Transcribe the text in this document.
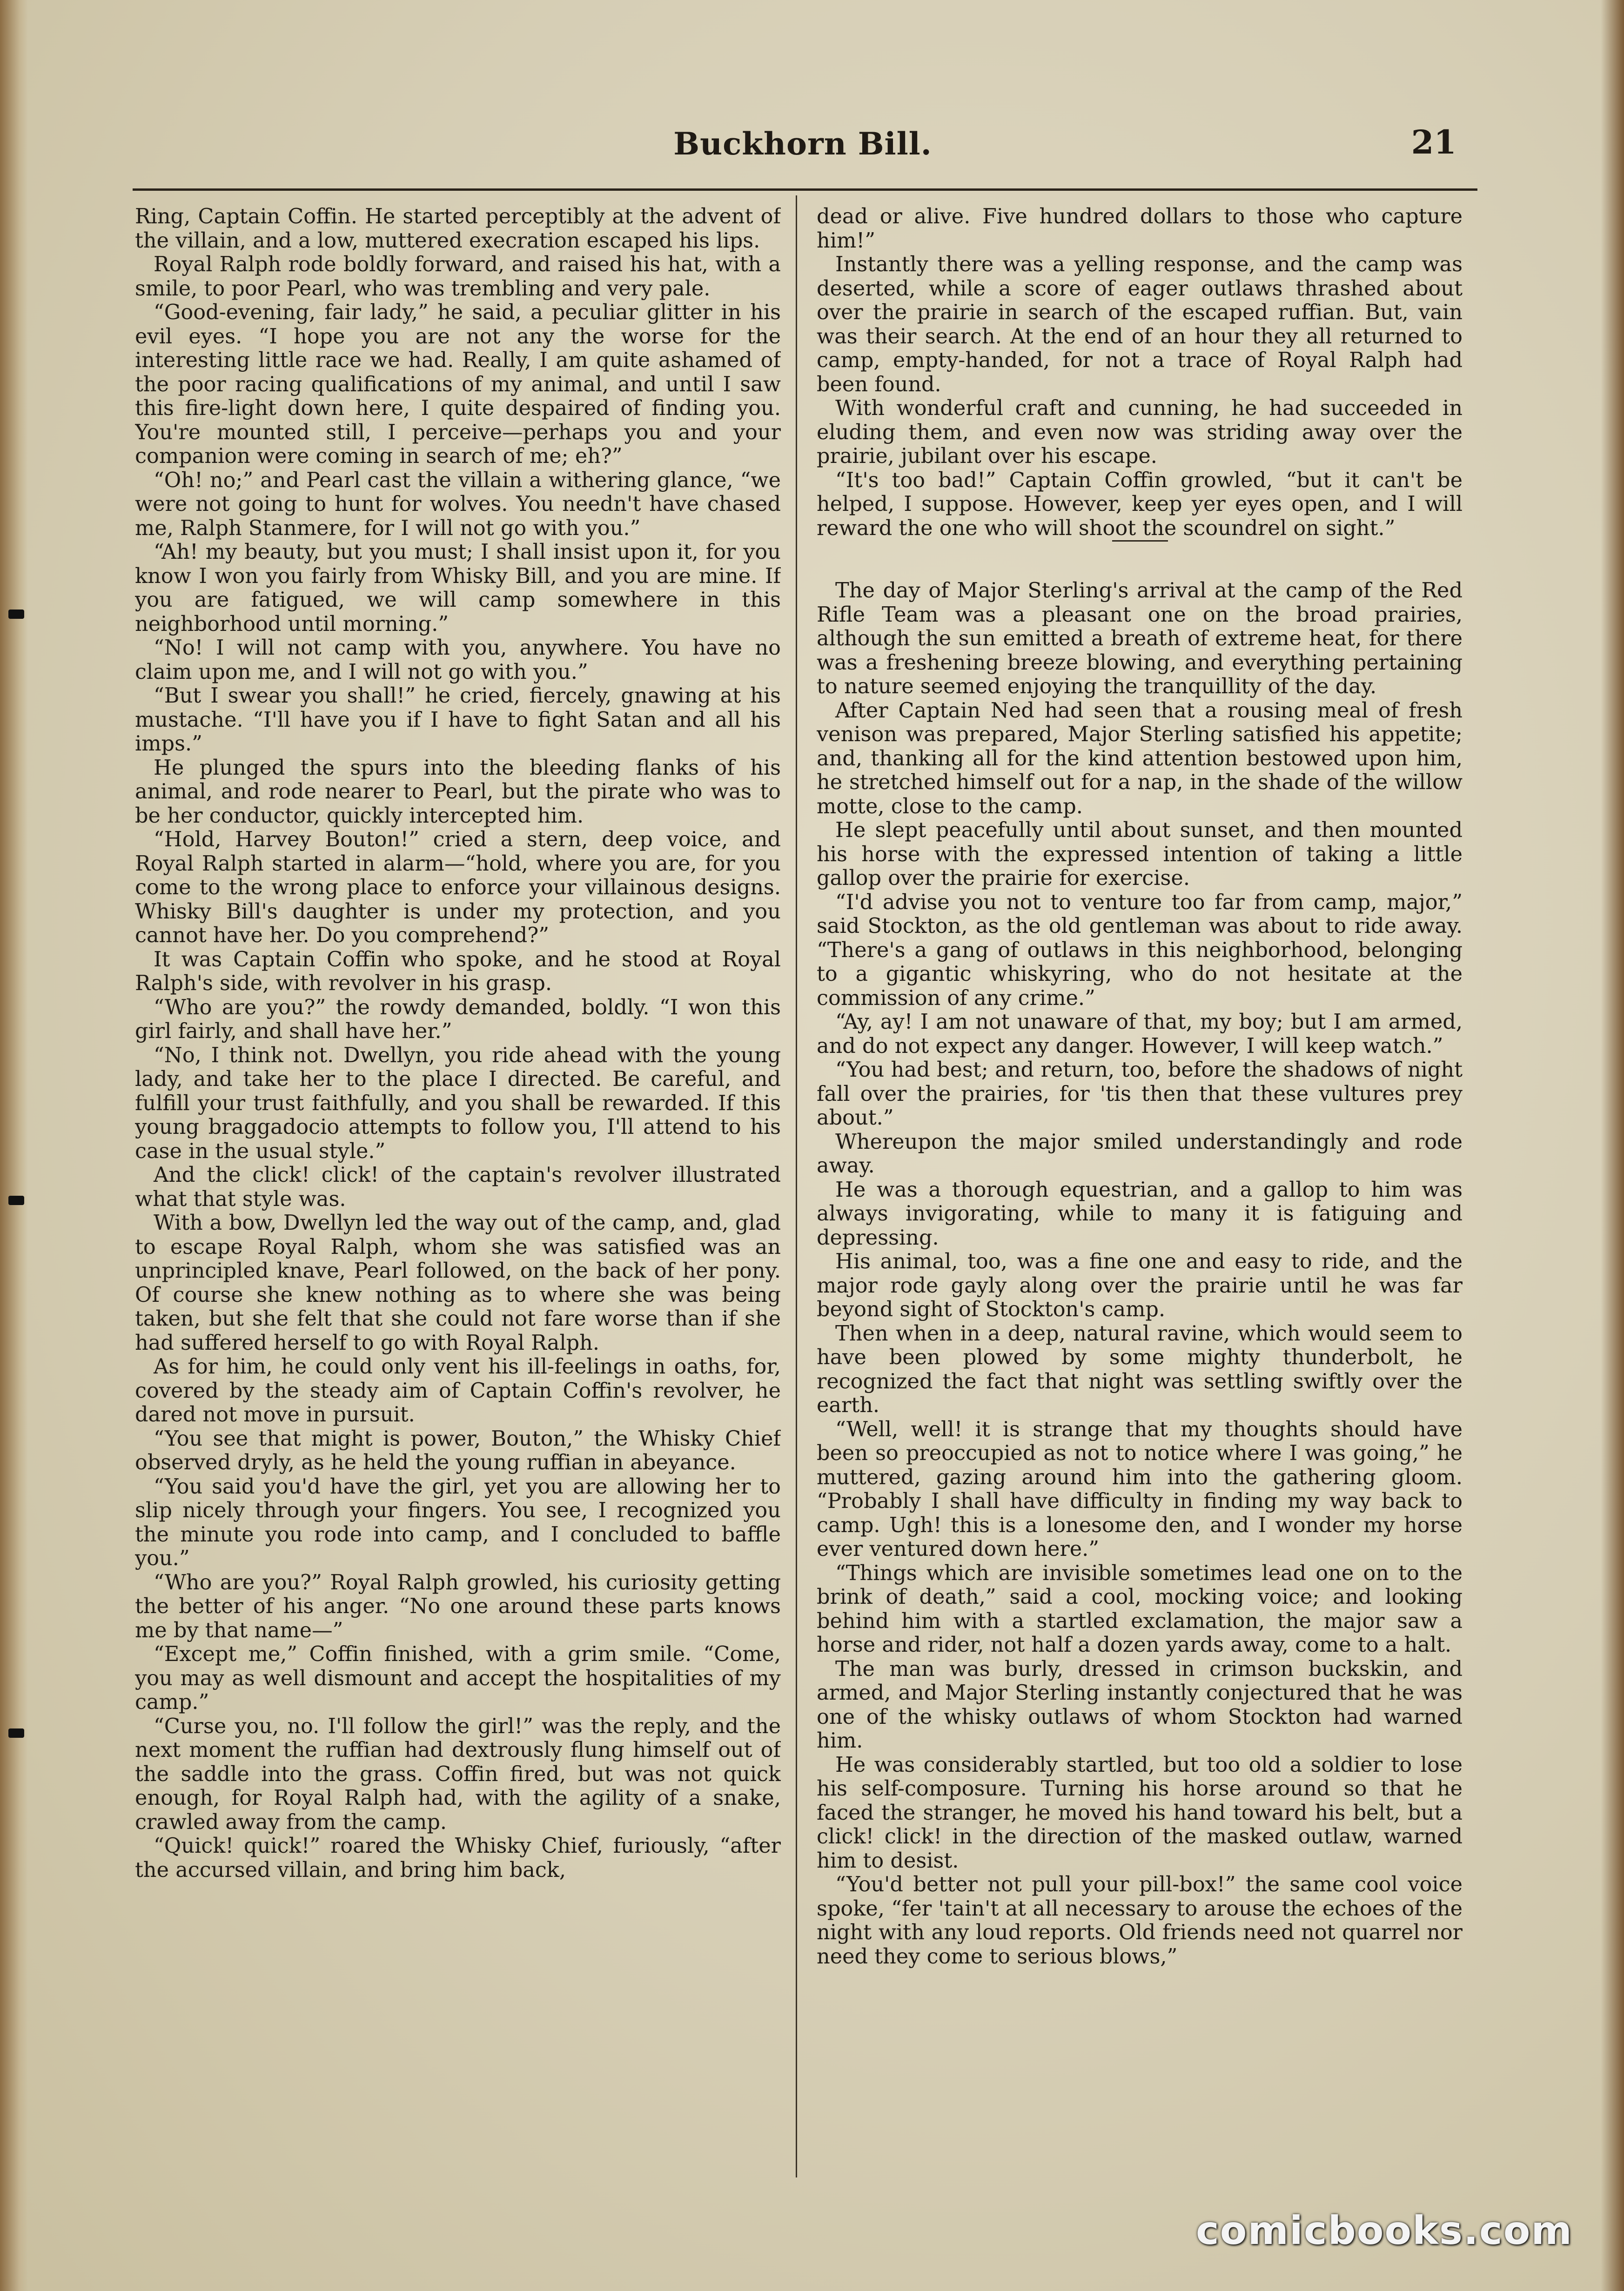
Buckhorn Bill.	21

Ring, Captain Coffin. He started perceptibly at the advent of the villain, and a low, muttered execration escaped his lips.

Royal Ralph rode boldly forward, and raised his hat, with a smile, to poor Pearl, who was trembling and very pale.

“Good-evening, fair lady,” he said, a peculiar glitter in his evil eyes. “I hope you are not any the worse for the interesting little race we had. Really, I am quite ashamed of the poor racing qualifications of my animal, and until I saw this fire-light down here, I quite despaired of finding you. You're mounted still, I perceive—perhaps you and your companion were coming in search of me; eh?”

“Oh! no;” and Pearl cast the villain a withering glance, “we were not going to hunt for wolves. You needn't have chased me, Ralph Stanmere, for I will not go with you.”

“Ah! my beauty, but you must; I shall insist upon it, for you know I won you fairly from Whisky Bill, and you are mine. If you are fatigued, we will camp somewhere in this neighborhood until morning.”

“No! I will not camp with you, anywhere. You have no claim upon me, and I will not go with you.”

“But I swear you shall!” he cried, fiercely, gnawing at his mustache. “I'll have you if I have to fight Satan and all his imps.”

He plunged the spurs into the bleeding flanks of his animal, and rode nearer to Pearl, but the pirate who was to be her conductor, quickly intercepted him.

“Hold, Harvey Bouton!” cried a stern, deep voice, and Royal Ralph started in alarm—“hold, where you are, for you come to the wrong place to enforce your villainous designs. Whisky Bill's daughter is under my protection, and you cannot have her. Do you comprehend?”

It was Captain Coffin who spoke, and he stood at Royal Ralph's side, with revolver in his grasp.

“Who are you?” the rowdy demanded, boldly. “I won this girl fairly, and shall have her.”

“No, I think not. Dwellyn, you ride ahead with the young lady, and take her to the place I directed. Be careful, and fulfill your trust faithfully, and you shall be rewarded. If this young braggadocio attempts to follow you, I'll attend to his case in the usual style.”

And the click! click! of the captain's revolver illustrated what that style was.

With a bow, Dwellyn led the way out of the camp, and, glad to escape Royal Ralph, whom she was satisfied was an unprincipled knave, Pearl followed, on the back of her pony. Of course she knew nothing as to where she was being taken, but she felt that she could not fare worse than if she had suffered herself to go with Royal Ralph.

As for him, he could only vent his ill-feelings in oaths, for, covered by the steady aim of Captain Coffin's revolver, he dared not move in pursuit.

“You see that might is power, Bouton,” the Whisky Chief observed dryly, as he held the young ruffian in abeyance.

“You said you'd have the girl, yet you are allowing her to slip nicely through your fingers. You see, I recognized you the minute you rode into camp, and I concluded to baffle you.”

“Who are you?” Royal Ralph growled, his curiosity getting the better of his anger. “No one around these parts knows me by that name—”

“Except me,” Coffin finished, with a grim smile. “Come, you may as well dismount and accept the hospitalities of my camp.”

“Curse you, no. I'll follow the girl!” was the reply, and the next moment the ruffian had dextrously flung himself out of the saddle into the grass. Coffin fired, but was not quick enough, for Royal Ralph had, with the agility of a snake, crawled away from the camp.

“Quick! quick!” roared the Whisky Chief, furiously, “after the accursed villain, and bring him back,

dead or alive. Five hundred dollars to those who capture him!”

Instantly there was a yelling response, and the camp was deserted, while a score of eager outlaws thrashed about over the prairie in search of the escaped ruffian. But, vain was their search. At the end of an hour they all returned to camp, empty-handed, for not a trace of Royal Ralph had been found.

With wonderful craft and cunning, he had succeeded in eluding them, and even now was striding away over the prairie, jubilant over his escape.

“It's too bad!” Captain Coffin growled, “but it can't be helped, I suppose. However, keep yer eyes open, and I will reward the one who will shoot the scoundrel on sight.”

The day of Major Sterling's arrival at the camp of the Red Rifle Team was a pleasant one on the broad prairies, although the sun emitted a breath of extreme heat, for there was a freshening breeze blowing, and everything pertaining to nature seemed enjoying the tranquillity of the day.

After Captain Ned had seen that a rousing meal of fresh venison was prepared, Major Sterling satisfied his appetite; and, thanking all for the kind attention bestowed upon him, he stretched himself out for a nap, in the shade of the willow motte, close to the camp.

He slept peacefully until about sunset, and then mounted his horse with the expressed intention of taking a little gallop over the prairie for exercise.

“I'd advise you not to venture too far from camp, major,” said Stockton, as the old gentleman was about to ride away. “There's a gang of outlaws in this neighborhood, belonging to a gigantic whiskyring, who do not hesitate at the commission of any crime.”

“Ay, ay! I am not unaware of that, my boy; but I am armed, and do not expect any danger. However, I will keep watch.”

“You had best; and return, too, before the shadows of night fall over the prairies, for 'tis then that these vultures prey about.”

Whereupon the major smiled understandingly and rode away.

He was a thorough equestrian, and a gallop to him was always invigorating, while to many it is fatiguing and depressing.

His animal, too, was a fine one and easy to ride, and the major rode gayly along over the prairie until he was far beyond sight of Stockton's camp.

Then when in a deep, natural ravine, which would seem to have been plowed by some mighty thunderbolt, he recognized the fact that night was settling swiftly over the earth.

“Well, well! it is strange that my thoughts should have been so preoccupied as not to notice where I was going,” he muttered, gazing around him into the gathering gloom. “Probably I shall have difficulty in finding my way back to camp. Ugh! this is a lonesome den, and I wonder my horse ever ventured down here.”

“Things which are invisible sometimes lead one on to the brink of death,” said a cool, mocking voice; and looking behind him with a startled exclamation, the major saw a horse and rider, not half a dozen yards away, come to a halt.

The man was burly, dressed in crimson buckskin, and armed, and Major Sterling instantly conjectured that he was one of the whisky outlaws of whom Stockton had warned him.

He was considerably startled, but too old a soldier to lose his self-composure. Turning his horse around so that he faced the stranger, he moved his hand toward his belt, but a click! click! in the direction of the masked outlaw, warned him to desist.

“You'd better not pull your pill-box!” the same cool voice spoke, “fer 'tain't at all necessary to arouse the echoes of the night with any loud reports. Old friends need not quarrel nor need they come to serious blows,”

comicbooks.com
